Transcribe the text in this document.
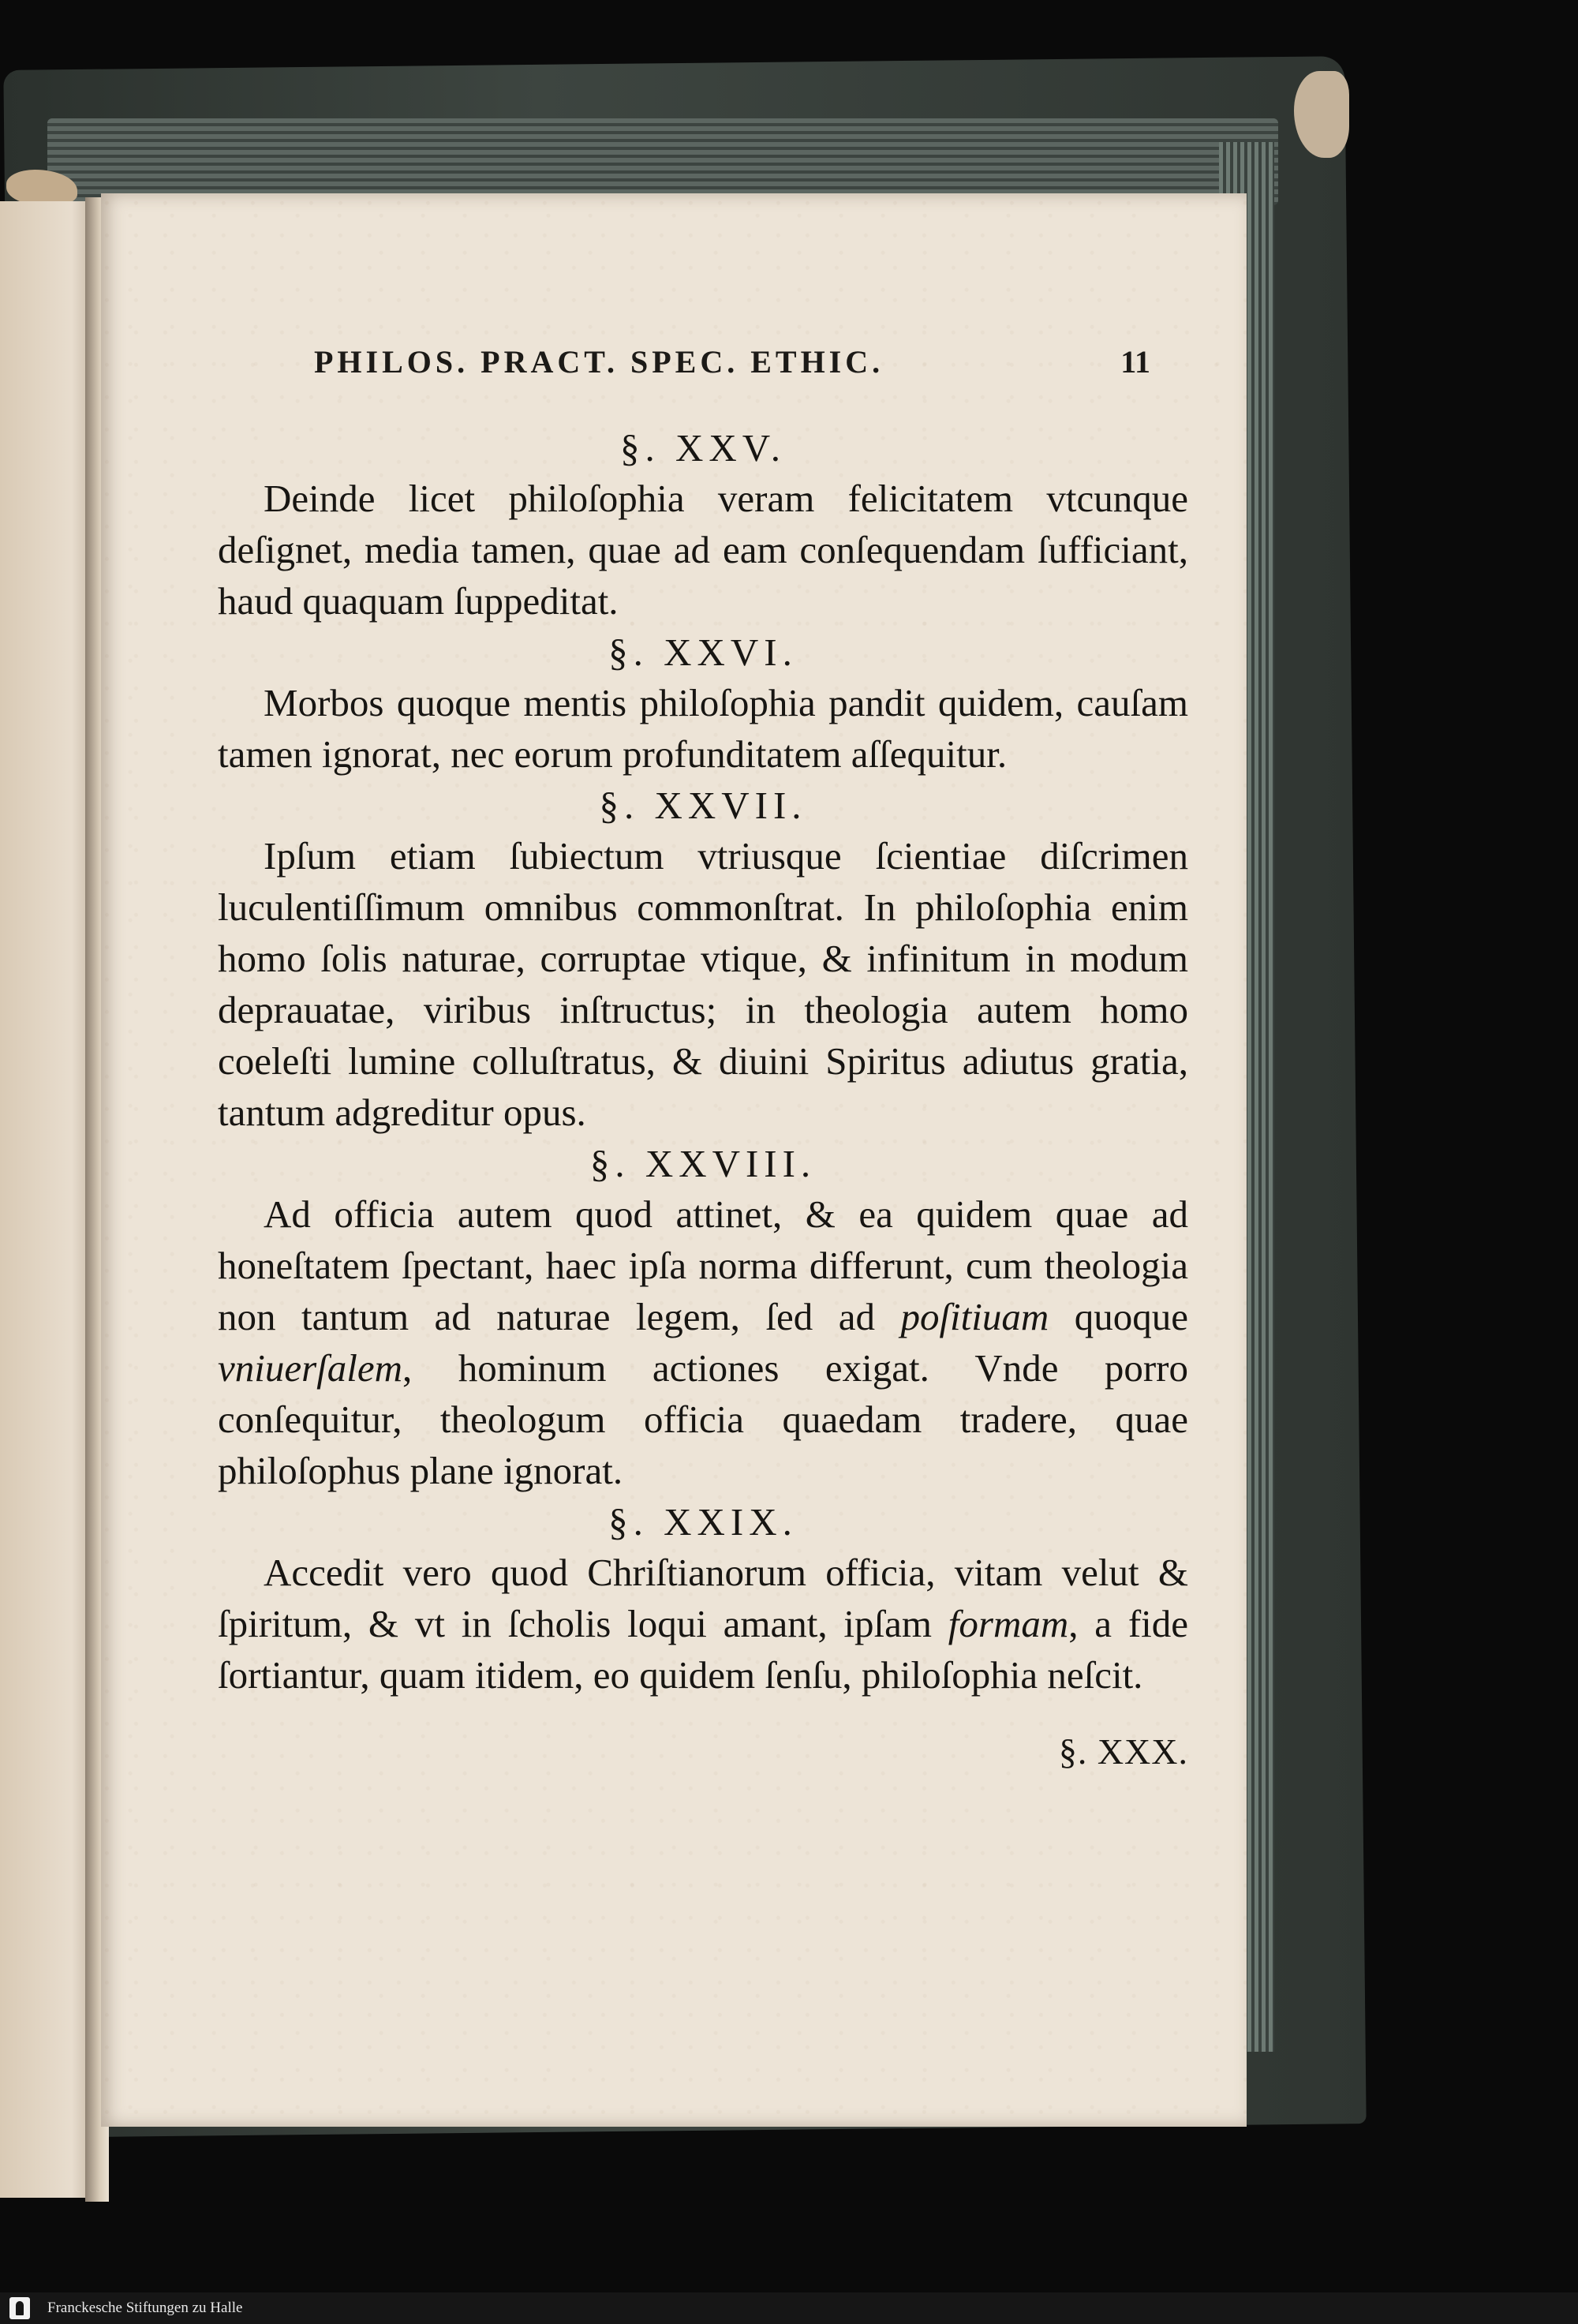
PHILOS. PRACT. SPEC. ETHIC.	11
§. XXV.

Deinde licet philoſophia veram felicitatem vtcunque deſignet, media tamen, quae ad eam conſequendam ſufficiant, haud quaquam ſuppeditat.

§. XXVI.

Morbos quoque mentis philoſophia pandit quidem, cauſam tamen ignorat, nec eorum profunditatem aſſequitur.

§. XXVII.

Ipſum etiam ſubiectum vtriusque ſcientiae diſcrimen luculentiſſimum omnibus commonſtrat. In philoſophia enim homo ſolis naturae, corruptae vtique, & infinitum in modum deprauatae, viribus inſtructus; in theologia autem homo coeleſti lumine colluſtratus, & diuini Spiritus adiutus gratia, tantum adgreditur opus.

§. XXVIII.

Ad officia autem quod attinet, & ea quidem quae ad honeſtatem ſpectant, haec ipſa norma differunt, cum theologia non tantum ad naturae legem, ſed ad poſitiuam quoque vniuerſalem, hominum actiones exigat. Vnde porro conſequitur, theologum officia quaedam tradere, quae philoſophus plane ignorat.

§. XXIX.

Accedit vero quod Chriſtianorum officia, vitam velut & ſpiritum, & vt in ſcholis loqui amant, ipſam formam, a fide ſortiantur, quam itidem, eo quidem ſenſu, philoſophia neſcit.

§. XXX.
Franckesche Stiftungen zu Halle
